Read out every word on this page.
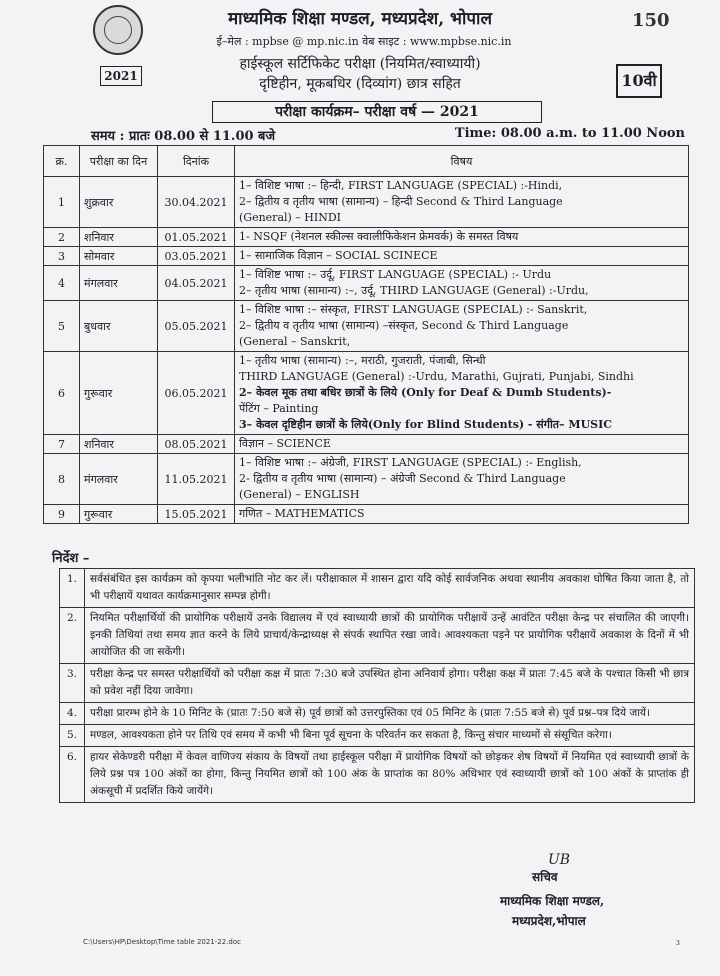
150

माध्यमिक शिक्षा मण्डल, मध्यप्रदेश, भोपाल
ई–मेल : mpbse @ mp.nic.in वेब साइट : www.mpbse.nic.in
हाईस्कूल सर्टिफिकेट परीक्षा (नियमित/स्वाध्यायी)
दृष्टिहीन, मूकबधिर (दिव्यांग) छात्र सहित
2021	10वी
परीक्षा कार्यक्रम– परीक्षा वर्ष — 2021
समय : प्रातः 08.00 से 11.00 बजे	Time: 08.00 a.m. to 11.00 Noon
क्र.	परीक्षा का दिन	दिनांक	विषय
1	शुक्रवार	30.04.2021	1– विशिष्ट भाषा :– हिन्दी, FIRST LANGUAGE (SPECIAL) :-Hindi,
2– द्वितीय व तृतीय भाषा (सामान्य) – हिन्दी Second & Third Language
(General) – HINDI

2	शनिवार	01.05.2021	1- NSQF (नेशनल स्कील्स क्वालीफिकेशन फ्रेमवर्क) के समस्त विषय

3	सोमवार	03.05.2021	1– सामाजिक विज्ञान – SOCIAL SCINECE

4	मंगलवार	04.05.2021	1– विशिष्ट भाषा :– उर्दू, FIRST LANGUAGE (SPECIAL) :- Urdu
2– तृतीय भाषा (सामान्य) :–, उर्दू, THIRD LANGUAGE (General) :-Urdu,

5	बुधवार	05.05.2021	1– विशिष्ट भाषा :– संस्कृत, FIRST LANGUAGE (SPECIAL) :- Sanskrit,
2– द्वितीय व तृतीय भाषा (सामान्य) –संस्कृत, Second & Third Language
(General – Sanskrit,

6	गुरूवार	06.05.2021	1– तृतीय भाषा (सामान्य) :–, मराठी, गुजराती, पंजाबी, सिन्धी
THIRD LANGUAGE (General) :-Urdu, Marathi, Gujrati, Punjabi, Sindhi
2– केवल मूक तथा बधिर छात्रों के लिये (Only for Deaf & Dumb Students)-
पेंटिंग – Painting
3– केवल दृष्टिहीन छात्रों के लिये(Only for Blind Students) - संगीत– MUSIC

7	शनिवार	08.05.2021	विज्ञान – SCIENCE

8	मंगलवार	11.05.2021	1– विशिष्ट भाषा :– अंग्रेजी, FIRST LANGUAGE (SPECIAL) :- English,
2- द्वितीय व तृतीय भाषा (सामान्य) – अंग्रेजी Second & Third Language
(General) – ENGLISH

9	गुरूवार	15.05.2021	गणित – MATHEMATICS
निर्देश –
1.	सर्वसंबंधित इस कार्यक्रम को कृपया भलीभांति नोट कर लें। परीक्षाकाल में शासन द्वारा यदि कोई सार्वजनिक अथवा स्थानीय अवकाश घोषित किया जाता है, तो भी परीक्षायें यथावत कार्यक्रमानुसार सम्पन्न होगी।
2.	नियमित परीक्षार्थियों की प्रायोगिक परीक्षायें उनके विद्यालय में एवं स्वाध्यायी छात्रों की प्रायोगिक परीक्षायें उन्हें आवंटित परीक्षा केन्द्र पर संचालित की जाएगी। इनकी तिथियां तथा समय ज्ञात करने के लिये प्राचार्य/केन्द्राध्यक्ष से संपर्क स्थापित रखा जावे। आवश्यकता पड़ने पर प्रायोगिक परीक्षायें अवकाश के दिनों में भी आयोजित की जा सकेंगी।
3.	परीक्षा केन्द्र पर समस्त परीक्षार्थियों को परीक्षा कक्ष में प्रातः 7:30 बजे उपस्थित होना अनिवार्य होगा। परीक्षा कक्ष में प्रातः 7:45 बजे के पश्चात किसी भी छात्र को प्रवेश नहीं दिया जावेगा।
4.	परीक्षा प्रारम्भ होने के 10 मिनिट के (प्रातः 7:50 बजे से) पूर्व छात्रों को उत्तरपुस्तिका एवं 05 मिनिट के (प्रातः 7:55 बजे से) पूर्व प्रश्न–पत्र दिये जायें।
5.	मण्डल, आवश्यकता होने पर तिथि एवं समय में कभी भी बिना पूर्व सूचना के परिवर्तन कर सकता है, किन्तु संचार माध्यमों से संसूचित करेगा।
6.	हायर सेकेण्डरी परीक्षा में केवल वाणिज्य संकाय के विषयों तथा हाईस्कूल परीक्षा में प्रायोगिक विषयों को छोड़कर शेष विषयों में नियमित एवं स्वाध्यायी छात्रों के लिये प्रश्न पत्र 100 अंकों का होगा, किन्तु नियमित छात्रों को 100 अंक के प्राप्तांक का 80% अधिभार एवं स्वाध्यायी छात्रों को 100 अंकों के प्राप्तांक ही अंकसूची में प्रदर्शित किये जायेंगे।
UB
सचिव
माध्यमिक शिक्षा मण्डल,
मध्यप्रदेश,भोपाल
C:\Users\HP\Desktop\Time table 2021-22.doc	3
